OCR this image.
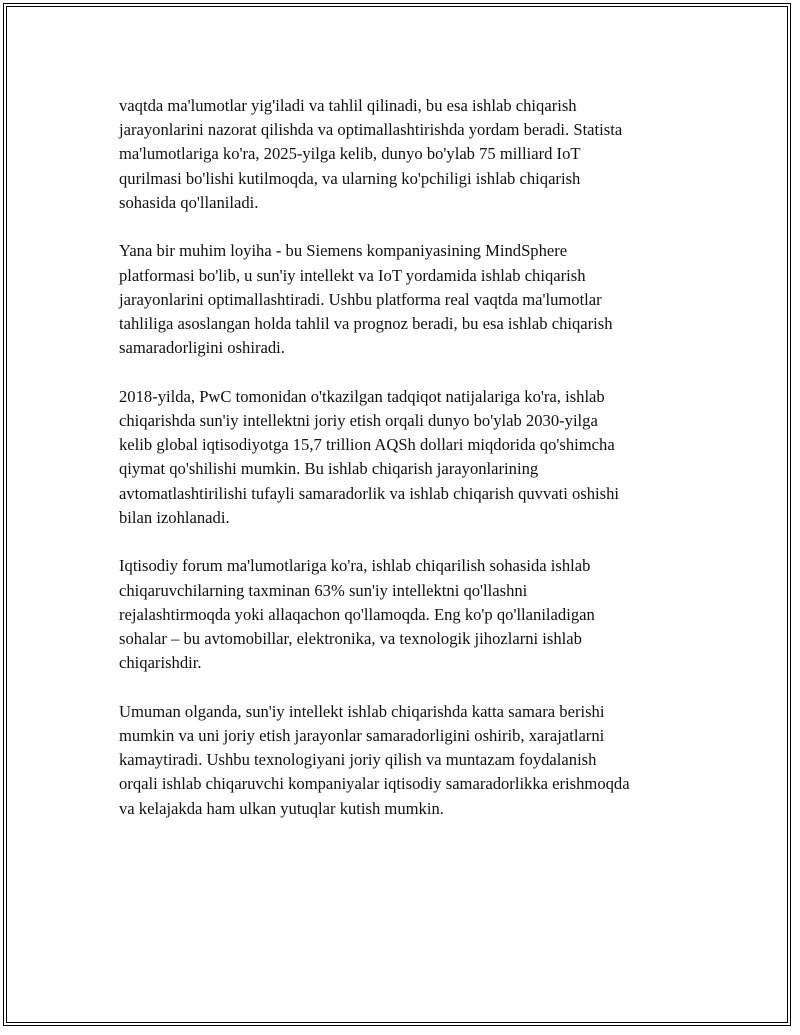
vaqtda ma'lumotlar yig'iladi va tahlil qilinadi, bu esa ishlab chiqarish
jarayonlarini nazorat qilishda va optimallashtirishda yordam beradi. Statista
ma'lumotlariga ko'ra, 2025-yilga kelib, dunyo bo'ylab 75 milliard IoT
qurilmasi bo'lishi kutilmoqda, va ularning ko'pchiligi ishlab chiqarish
sohasida qo'llaniladi.

Yana bir muhim loyiha - bu Siemens kompaniyasining MindSphere
platformasi bo'lib, u sun'iy intellekt va IoT yordamida ishlab chiqarish
jarayonlarini optimallashtiradi. Ushbu platforma real vaqtda ma'lumotlar
tahliliga asoslangan holda tahlil va prognoz beradi, bu esa ishlab chiqarish
samaradorligini oshiradi.

2018-yilda, PwC tomonidan o'tkazilgan tadqiqot natijalariga ko'ra, ishlab
chiqarishda sun'iy intellektni joriy etish orqali dunyo bo'ylab 2030-yilga
kelib global iqtisodiyotga 15,7 trillion AQSh dollari miqdorida qo'shimcha
qiymat qo'shilishi mumkin. Bu ishlab chiqarish jarayonlarining
avtomatlashtirilishi tufayli samaradorlik va ishlab chiqarish quvvati oshishi
bilan izohlanadi.

Iqtisodiy forum ma'lumotlariga ko'ra, ishlab chiqarilish sohasida ishlab
chiqaruvchilarning taxminan 63% sun'iy intellektni qo'llashni
rejalashtirmoqda yoki allaqachon qo'llamoqda. Eng ko'p qo'llaniladigan
sohalar – bu avtomobillar, elektronika, va texnologik jihozlarni ishlab
chiqarishdir.

Umuman olganda, sun'iy intellekt ishlab chiqarishda katta samara berishi
mumkin va uni joriy etish jarayonlar samaradorligini oshirib, xarajatlarni
kamaytiradi. Ushbu texnologiyani joriy qilish va muntazam foydalanish
orqali ishlab chiqaruvchi kompaniyalar iqtisodiy samaradorlikka erishmoqda
va kelajakda ham ulkan yutuqlar kutish mumkin.
